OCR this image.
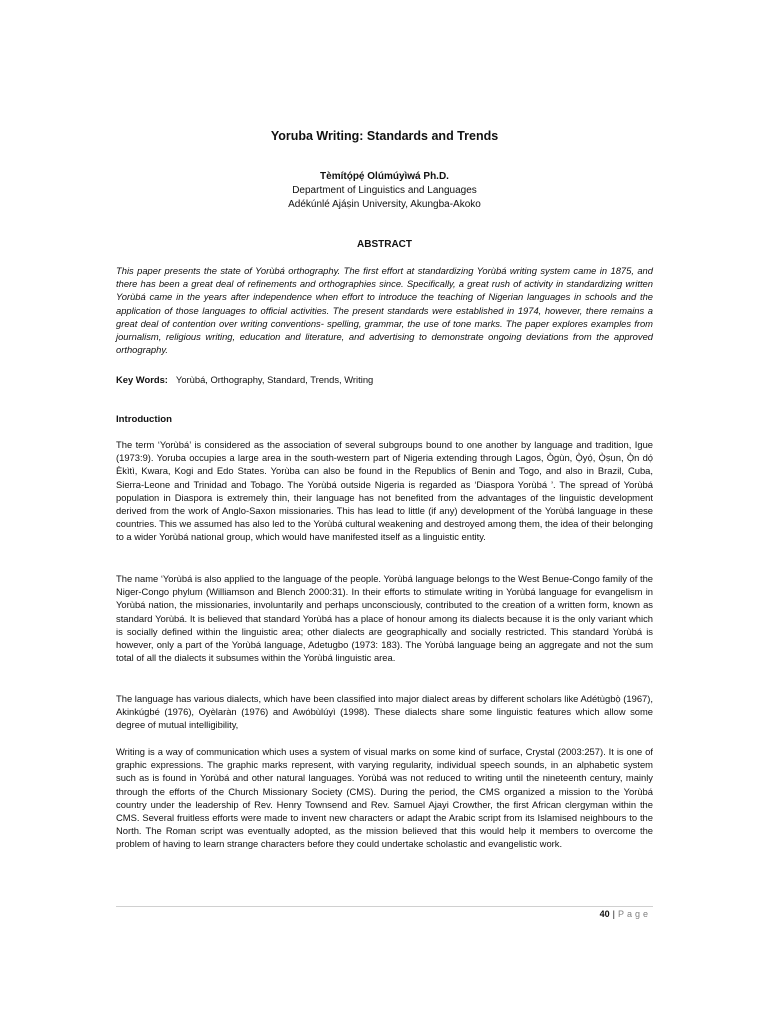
Yoruba Writing: Standards and Trends
Tèmítọ́pẹ́ Olúmúyìwá Ph.D.
Department of Linguistics and Languages
Adékúnlé Ajáṣin University, Akungba-Akoko
ABSTRACT

This paper presents the state of Yorùbá orthography. The first effort at standardizing Yorùbá writing system came in 1875, and there has been a great deal of refinements and orthographies since. Specifically, a great rush of activity in standardizing written Yorùbá came in the years after independence when effort to introduce the teaching of Nigerian languages in schools and the application of those languages to official activities. The present standards were established in 1974, however, there remains a great deal of contention over writing conventions- spelling, grammar, the use of tone marks. The paper explores examples from journalism, religious writing, education and literature, and advertising to demonstrate ongoing deviations from the approved orthography.

Key Words: Yorùbá, Orthography, Standard, Trends, Writing

Introduction

The term ‘Yorùbá’ is considered as the association of several subgroups bound to one another by language and tradition, Igue (1973:9). Yoruba occupies a large area in the south-western part of Nigeria extending through Lagos, Ògùn, Ọ̀yọ́, Ọ̀ṣun, Ọ̀n dọ́ Èkìtì, Kwara, Kogi and Edo States. Yorùba can also be found in the Republics of Benin and Togo, and also in Brazil, Cuba, Sierra-Leone and Trinidad and Tobago. The Yorùbá outside Nigeria is regarded as ‘Diaspora Yorùbá ’. The spread of Yorùbá population in Diaspora is extremely thin, their language has not benefited from the advantages of the linguistic development derived from the work of Anglo-Saxon missionaries. This has lead to little (if any) development of the Yorùbá language in these countries. This we assumed has also led to the Yorùbá cultural weakening and destroyed among them, the idea of their belonging to a wider Yorùbá national group, which would have manifested itself as a linguistic entity.

The name ‘Yorùbá is also applied to the language of the people. Yorùbá language belongs to the West Benue-Congo family of the Niger-Congo phylum (Williamson and Blench 2000:31). In their efforts to stimulate writing in Yorùbá language for evangelism in Yorùbá nation, the missionaries, involuntarily and perhaps unconsciously, contributed to the creation of a written form, known as standard Yorùbá. It is believed that standard Yorùbá has a place of honour among its dialects because it is the only variant which is socially defined within the linguistic area; other dialects are geographically and socially restricted. This standard Yorùbá is however, only a part of the Yorùbá language, Adetugbo (1973: 183). The Yorùbá language being an aggregate and not the sum total of all the dialects it subsumes within the Yorùbá linguistic area.

The language has various dialects, which have been classified into major dialect areas by different scholars like Adétùgbọ̀ (1967), Akinkúgbé (1976), Oyèlaràn (1976) and Awóbùlúyì (1998). These dialects share some linguistic features which allow some degree of mutual intelligibility,

Writing is a way of communication which uses a system of visual marks on some kind of surface, Crystal (2003:257). It is one of graphic expressions. The graphic marks represent, with varying regularity, individual speech sounds, in an alphabetic system such as is found in Yorùbá and other natural languages. Yorùbá was not reduced to writing until the nineteenth century, mainly through the efforts of the Church Missionary Society (CMS). During the period, the CMS organized a mission to the Yorùbá country under the leadership of Rev. Henry Townsend and Rev. Samuel Ajayi Crowther, the first African clergyman within the CMS. Several fruitless efforts were made to invent new characters or adapt the Arabic script from its Islamised neighbours to the North. The Roman script was eventually adopted, as the mission believed that this would help it members to overcome the problem of having to learn strange characters before they could undertake scholastic and evangelistic work.

40 | Page
